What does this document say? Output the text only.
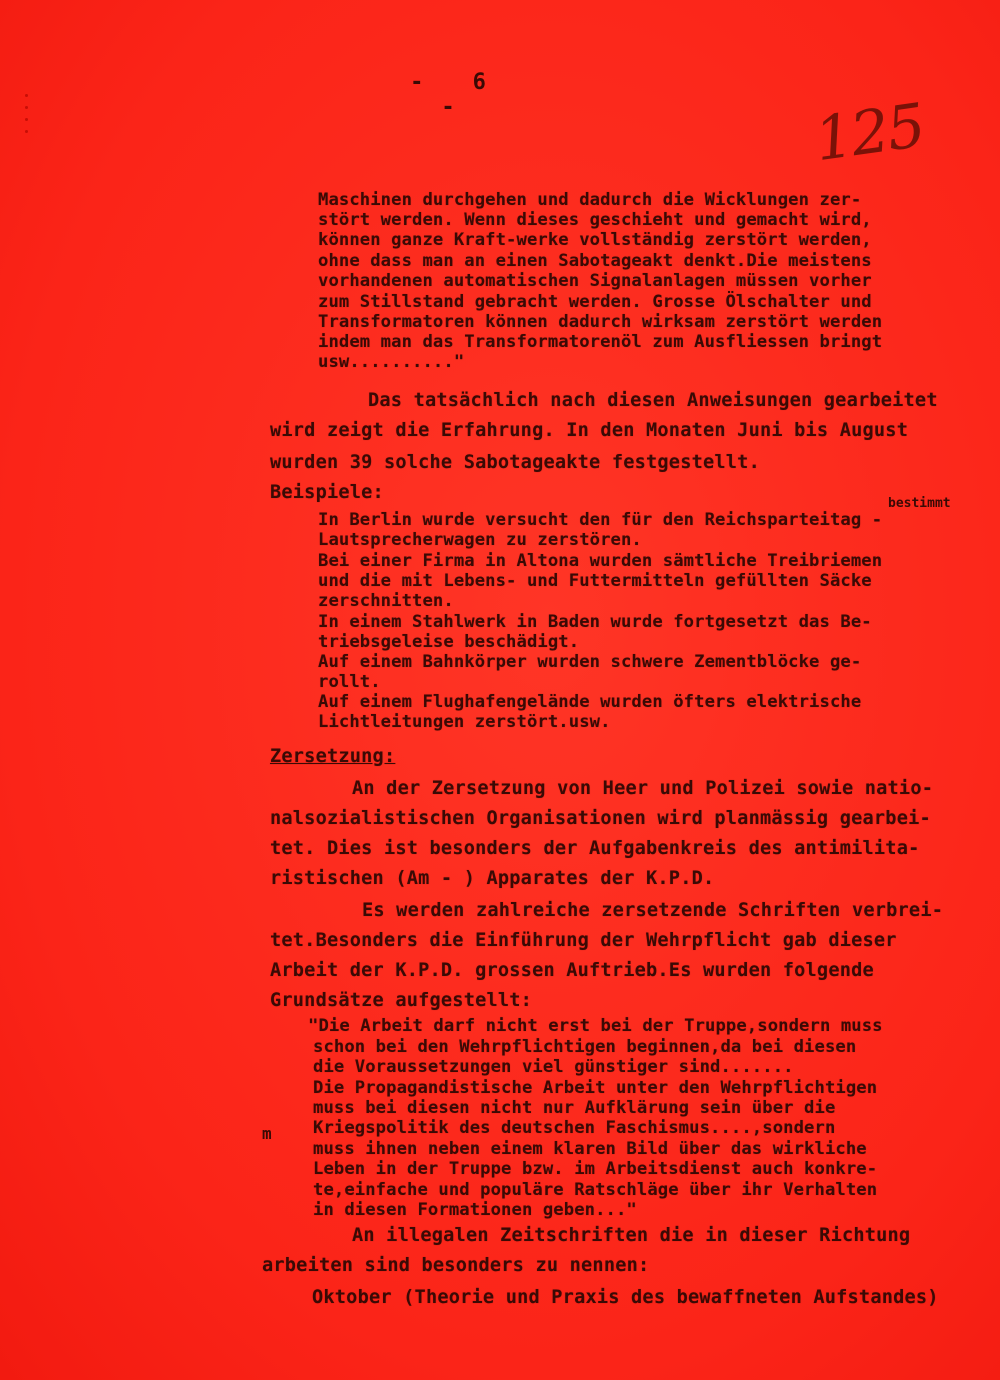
- 6 -	125
bestimmt
m
Maschinen durchgehen und dadurch die Wicklungen zer-
stört werden. Wenn dieses geschieht und gemacht wird,
können ganze Kraft-werke vollständig zerstört werden,
ohne dass man an einen Sabotageakt denkt.Die meistens
vorhandenen automatischen Signalanlagen müssen vorher
zum Stillstand gebracht werden. Grosse Ölschalter und
Transformatoren können dadurch wirksam zerstört werden
indem man das Transformatorenöl zum Ausfliessen bringt
usw.........."
Das tatsächlich nach diesen Anweisungen gearbeitet
wird zeigt die Erfahrung. In den Monaten Juni bis August
wurden 39 solche Sabotageakte festgestellt.
Beispiele:
In Berlin wurde versucht den für den Reichsparteitag -
Lautsprecherwagen zu zerstören.
Bei einer Firma in Altona wurden sämtliche Treibriemen
und die mit Lebens- und Futtermitteln gefüllten Säcke
zerschnitten.
In einem Stahlwerk in Baden wurde fortgesetzt das Be-
triebsgeleise beschädigt.
Auf einem Bahnkörper wurden schwere Zementblöcke ge-
rollt.
Auf einem Flughafengelände wurden öfters elektrische
Lichtleitungen zerstört.usw.
Zersetzung:
An der Zersetzung von Heer und Polizei sowie natio-
nalsozialistischen Organisationen wird planmässig gearbei-
tet. Dies ist besonders der Aufgabenkreis des antimilita-
ristischen (Am - ) Apparates der K.P.D.
Es werden zahlreiche zersetzende Schriften verbrei-
tet.Besonders die Einführung der Wehrpflicht gab dieser
Arbeit der K.P.D. grossen Auftrieb.Es wurden folgende
Grundsätze aufgestellt:
"Die Arbeit darf nicht erst bei der Truppe,sondern muss
schon bei den Wehrpflichtigen beginnen,da bei diesen
die Voraussetzungen viel günstiger sind.......
Die Propagandistische Arbeit unter den Wehrpflichtigen
muss bei diesen nicht nur Aufklärung sein über die
Kriegspolitik des deutschen Faschismus....,sondern
muss ihnen neben einem klaren Bild über das wirkliche
Leben in der Truppe bzw. im Arbeitsdienst auch konkre-
te,einfache und populäre Ratschläge über ihr Verhalten
in diesen Formationen geben..."
An illegalen Zeitschriften die in dieser Richtung
arbeiten sind besonders zu nennen:
Oktober (Theorie und Praxis des bewaffneten Aufstandes)
